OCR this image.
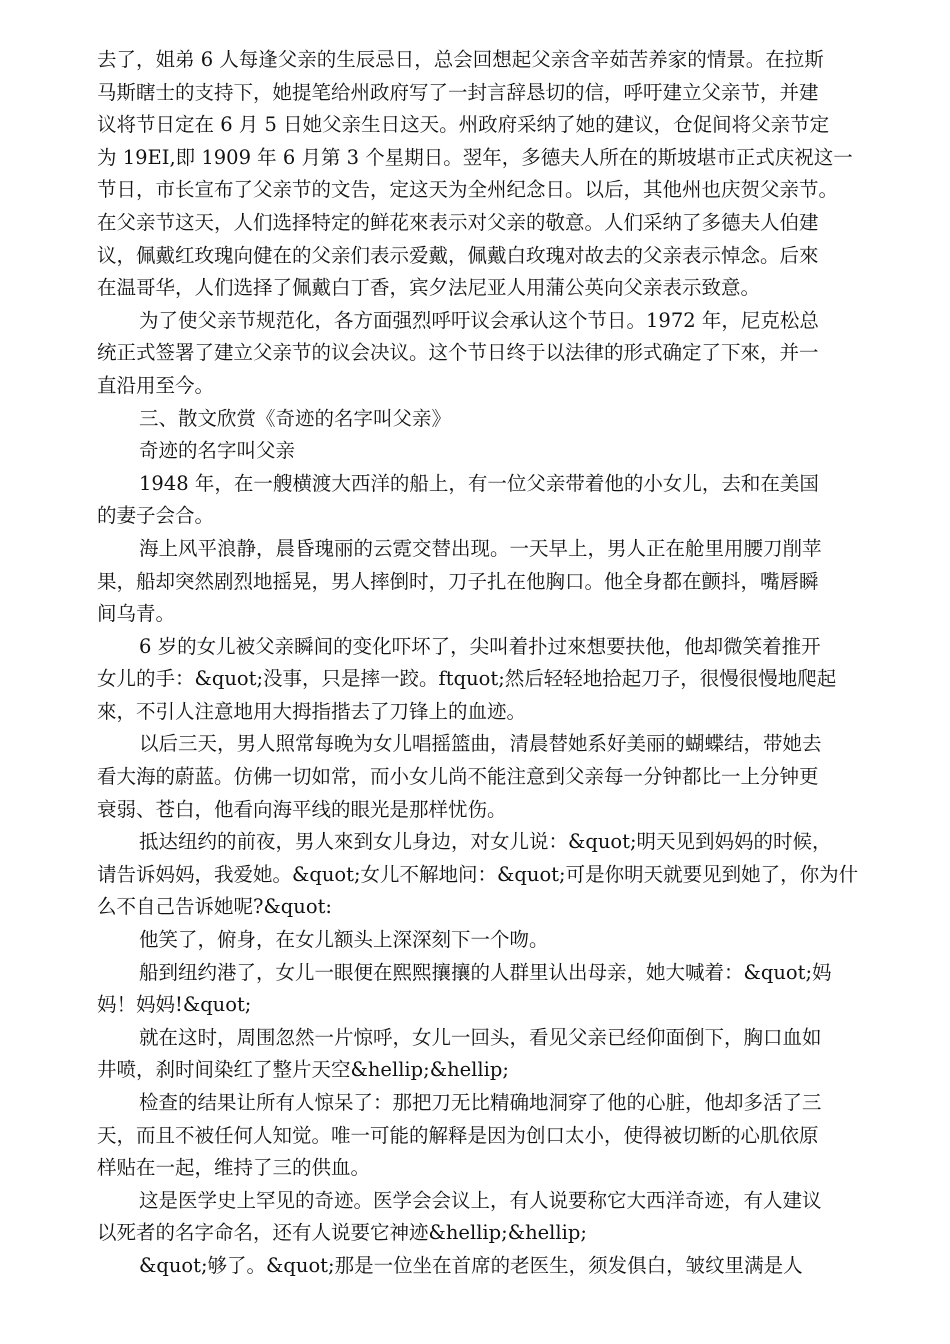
去了，姐弟 6 人每逢父亲的生辰忌日，总会回想起父亲含辛茹苦养家的情景。在拉斯
马斯瞎士的支持下，她提笔给州政府写了一封言辞恳切的信，呼吁建立父亲节，并建
议将节日定在 6 月 5 日她父亲生日这天。州政府采纳了她的建议，仓促间将父亲节定
为 19EI,即 1909 年 6 月第 3 个星期日。翌年，多德夫人所在的斯坡堪市正式庆祝这一
节日，市长宣布了父亲节的文告，定这天为全州纪念日。以后，其他州也庆贺父亲节。
在父亲节这天，人们选择特定的鲜花來表示对父亲的敬意。人们采纳了多德夫人伯建
议，佩戴红玫瑰向健在的父亲们表示爱戴，佩戴白玫瑰对故去的父亲表示悼念。后來
在温哥华，人们选择了佩戴白丁香，宾夕法尼亚人用蒲公英向父亲表示致意。
为了使父亲节规范化，各方面强烈呼吁议会承认这个节日。1972 年，尼克松总
统正式签署了建立父亲节的议会决议。这个节日终于以法律的形式确定了下來，并一
直沿用至今。
三、散文欣赏《奇迹的名字叫父亲》
奇迹的名字叫父亲
1948 年，在一艘横渡大西洋的船上，有一位父亲带着他的小女儿，去和在美国
的妻子会合。
海上风平浪静，晨昏瑰丽的云霓交替出现。一天早上，男人正在舱里用腰刀削苹
果，船却突然剧烈地摇晃，男人摔倒时，刀子扎在他胸口。他全身都在颤抖，嘴唇瞬
间乌青。
6 岁的女儿被父亲瞬间的变化吓坏了，尖叫着扑过來想要扶他，他却微笑着推开
女儿的手：&quot;没事，只是摔一跤。ftquot;然后轻轻地拾起刀子，很慢很慢地爬起
來，不引人注意地用大拇指揩去了刀锋上的血迹。
以后三天，男人照常每晚为女儿唱摇篮曲，清晨替她系好美丽的蝴蝶结，带她去
看大海的蔚蓝。仿佛一切如常，而小女儿尚不能注意到父亲每一分钟都比一上分钟更
衰弱、苍白，他看向海平线的眼光是那样忧伤。
抵达纽约的前夜，男人來到女儿身边，对女儿说：&quot;明天见到妈妈的时候，
请告诉妈妈，我爱她。&quot;女儿不解地问：&quot;可是你明天就要见到她了，你为什
么不自己告诉她呢?&quot:
他笑了，俯身，在女儿额头上深深刻下一个吻。
船到纽约港了，女儿一眼便在熙熙攘攘的人群里认出母亲，她大喊着：&quot;妈
妈！妈妈!&quot;
就在这时，周围忽然一片惊呼，女儿一回头，看见父亲已经仰面倒下，胸口血如
井喷，刹时间染红了整片天空&hellip;&hellip;
检查的结果让所有人惊呆了：那把刀无比精确地洞穿了他的心脏，他却多活了三
天，而且不被任何人知觉。唯一可能的解释是因为创口太小，使得被切断的心肌依原
样贴在一起，维持了三的供血。
这是医学史上罕见的奇迹。医学会会议上，有人说要称它大西洋奇迹，有人建议
以死者的名字命名，还有人说要它神迹&hellip;&hellip;
&quot;够了。&quot;那是一位坐在首席的老医生，须发俱白，皱纹里满是人
